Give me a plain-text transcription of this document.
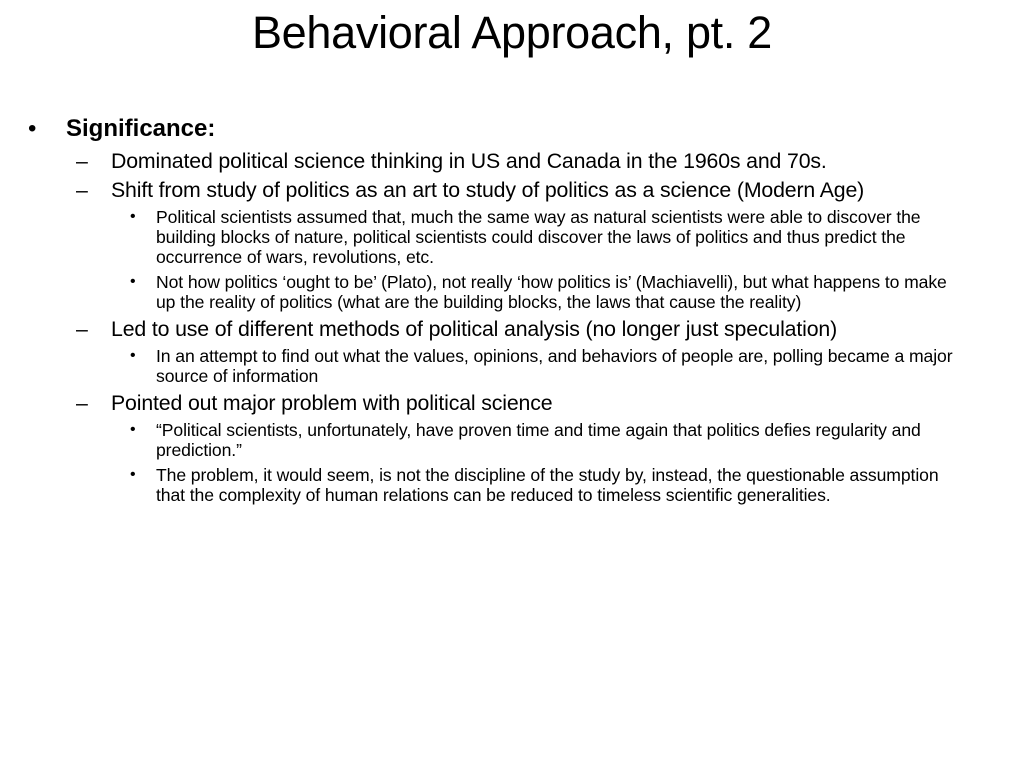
Behavioral Approach, pt. 2
• Significance:
– Dominated political science thinking in US and Canada in the 1960s and 70s.
– Shift from study of politics as an art to study of politics as a science (Modern Age)
• Political scientists assumed that, much the same way as natural scientists were able to discover the building blocks of nature, political scientists could discover the laws of politics and thus predict the occurrence of wars, revolutions, etc.
• Not how politics ‘ought to be’ (Plato), not really ‘how politics is’ (Machiavelli), but what happens to make up the reality of politics (what are the building blocks, the laws that cause the reality)
– Led to use of different methods of political analysis (no longer just speculation)
• In an attempt to find out what the values, opinions, and behaviors of people are, polling became a major source of information
– Pointed out major problem with political science
• “Political scientists, unfortunately, have proven time and time again that politics defies regularity and prediction.”
• The problem, it would seem, is not the discipline of the study by, instead, the questionable assumption that the complexity of human relations can be reduced to timeless scientific generalities.
